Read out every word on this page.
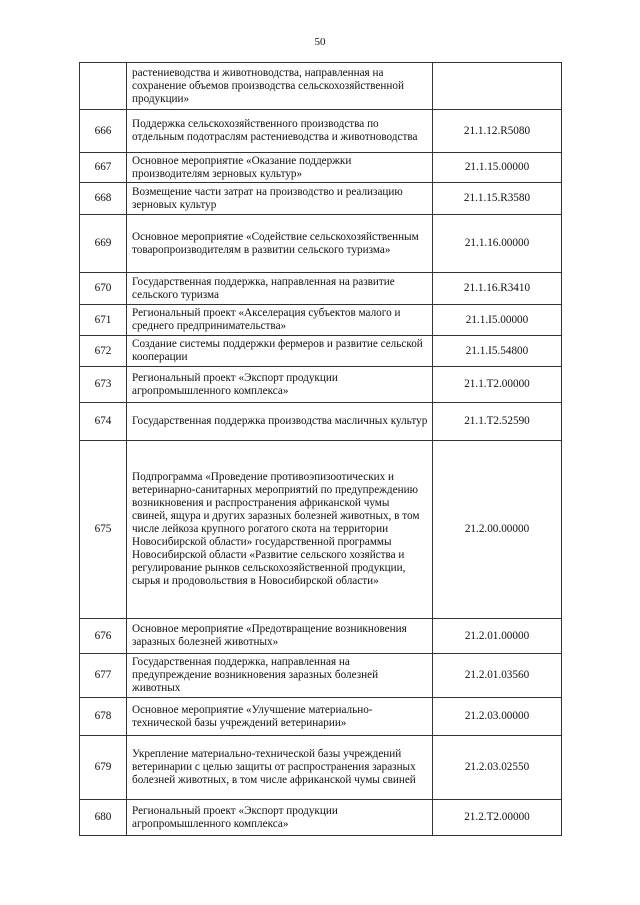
50
	растениеводства и животноводства, направленная на сохранение объемов производства сельскохозяйственной продукции»	
666	Поддержка сельскохозяйственного производства по отдельным подотраслям растениеводства и животноводства	21.1.12.R5080
667	Основное мероприятие «Оказание поддержки производителям зерновых культур»	21.1.15.00000
668	Возмещение части затрат на производство и реализацию зерновых культур	21.1.15.R3580
669	Основное мероприятие «Содействие сельскохозяйственным товаропроизводителям в развитии сельского туризма»	21.1.16.00000
670	Государственная поддержка, направленная на развитие сельского туризма	21.1.16.R3410
671	Региональный проект «Акселерация субъектов малого и среднего предпринимательства»	21.1.I5.00000
672	Создание системы поддержки фермеров и развитие сельской кооперации	21.1.I5.54800
673	Региональный проект «Экспорт продукции агропромышленного комплекса»	21.1.T2.00000
674	Государственная поддержка производства масличных культур	21.1.T2.52590
675	Подпрограмма «Проведение противоэпизоотических и ветеринарно-санитарных мероприятий по предупреждению возникновения и распространения африканской чумы свиней, ящура и других заразных болезней животных, в том числе лейкоза крупного рогатого скота на территории Новосибирской области» государственной программы Новосибирской области «Развитие сельского хозяйства и регулирование рынков сельскохозяйственной продукции, сырья и продовольствия в Новосибирской области»	21.2.00.00000
676	Основное мероприятие «Предотвращение возникновения заразных болезней животных»	21.2.01.00000
677	Государственная поддержка, направленная на предупреждение возникновения заразных болезней животных	21.2.01.03560
678	Основное мероприятие «Улучшение материально-технической базы учреждений ветеринарии»	21.2.03.00000
679	Укрепление материально-технической базы учреждений ветеринарии с целью защиты от распространения заразных болезней животных, в том числе африканской чумы свиней	21.2.03.02550
680	Региональный проект «Экспорт продукции агропромышленного комплекса»	21.2.T2.00000
